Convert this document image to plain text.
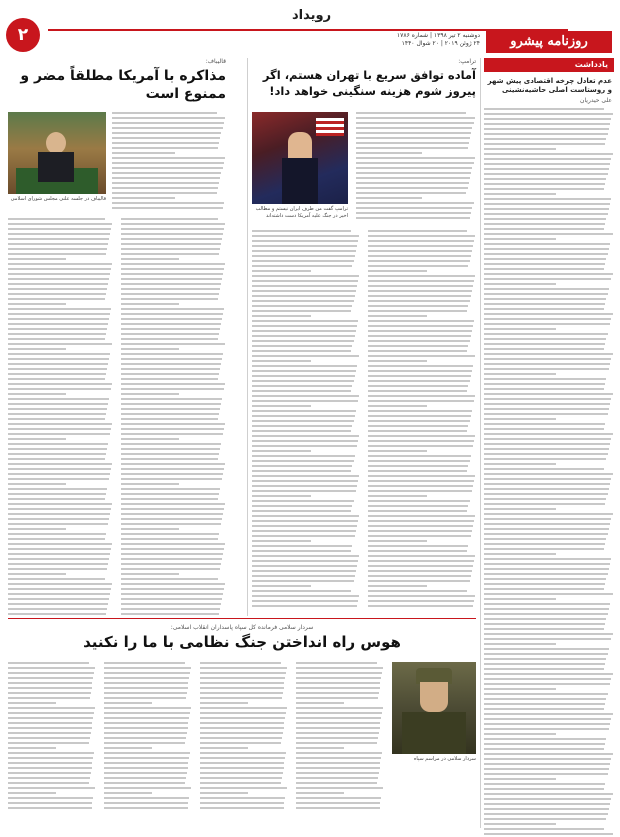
۲
رویداد
روزنامه پیشرو
دوشنبه ۲ تیر ۱۳۹۸ | شماره ۱۷۸۶
۲۴ ژوئن ۲۰۱۹ | ۲۰ شوال ۱۴۴۰
یادداشت
عدم تعادل چرخه اقتصادی پیش شهر و روستاست اصلی حاشیه‌نشینی
علی حیدریان
ترامپ:
آماده توافق سریع با تهران هستم، اگر پیروز شوم هزینه سنگینی خواهد داد!
ترامپ گفت من طرف ایران نیستم و مطالب اخیر در جنگ علیه آمریکا دست داشته‌اند
قالیباف:
مذاکره با آمریکا مطلقاً مضر و ممنوع است
قالیباف در جلسه علنی مجلس شورای اسلامی
سردار سلامی فرمانده کل سپاه پاسداران انقلاب اسلامی:
هوس راه انداختن جنگ نظامی با ما را نکنید
سردار سلامی در مراسم سپاه
